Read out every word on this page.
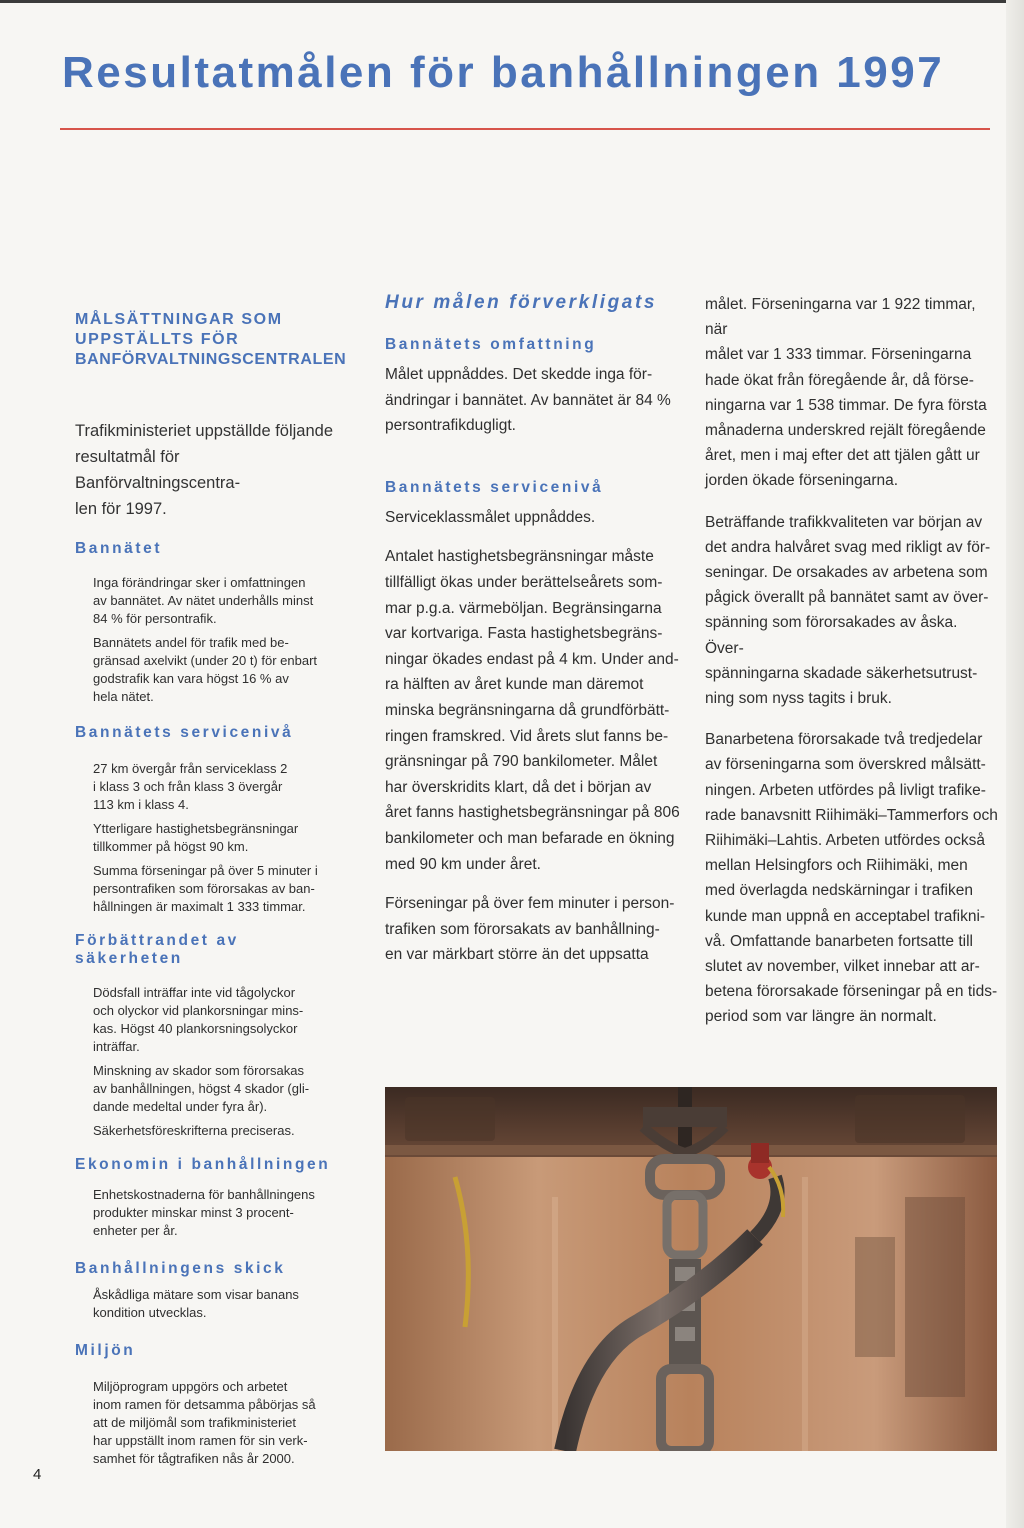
Resultatmålen för banhållningen 1997
MÅLSÄTTNINGAR SOM
UPPSTÄLLTS FÖR
BANFÖRVALTNINGSCENTRALEN

Trafikministeriet uppställde följande
resultatmål för Banförvaltningscentra-
len för 1997.

Bannätet

Inga förändringar sker i omfattningen
av bannätet. Av nätet underhålls minst
84 % för persontrafik.

Bannätets andel för trafik med be-
gränsad axelvikt (under 20 t) för enbart
godstrafik kan vara högst 16 % av
hela nätet.

Bannätets servicenivå

27 km övergår från serviceklass 2
i klass 3 och från klass 3 övergår
113 km i klass 4.

Ytterligare hastighetsbegränsningar
tillkommer på högst 90 km.

Summa förseningar på över 5 minuter i
persontrafiken som förorsakas av ban-
hållningen är maximalt 1 333 timmar.

Förbättrandet av säkerheten

Dödsfall inträffar inte vid tågolyckor
och olyckor vid plankorsningar mins-
kas. Högst 40 plankorsningsolyckor
inträffar.

Minskning av skador som förorsakas
av banhållningen, högst 4 skador (gli-
dande medeltal under fyra år).

Säkerhetsföreskrifterna preciseras.

Ekonomin i banhållningen

Enhetskostnaderna för banhållningens
produkter minskar minst 3 procent-
enheter per år.

Banhållningens skick

Åskådliga mätare som visar banans
kondition utvecklas.

Miljön

Miljöprogram uppgörs och arbetet
inom ramen för detsamma påbörjas så
att de miljömål som trafikministeriet
har uppställt inom ramen för sin verk-
samhet för tågtrafiken nås år 2000.

Hur målen förverkligats
Bannätets omfattning

Målet uppnåddes. Det skedde inga för-
ändringar i bannätet. Av bannätet är 84 %
persontrafikdugligt.

Bannätets servicenivå

Serviceklassmålet uppnåddes.

Antalet hastighetsbegränsningar måste
tillfälligt ökas under berättelseårets som-
mar p.g.a. värmeböljan. Begränsingarna
var kortvariga. Fasta hastighetsbegräns-
ningar ökades endast på 4 km. Under and-
ra hälften av året kunde man däremot
minska begränsningarna då grundförbätt-
ringen framskred. Vid årets slut fanns be-
gränsningar på 790 bankilometer. Målet
har överskridits klart, då det i början av
året fanns hastighetsbegränsningar på 806
bankilometer och man befarade en ökning
med 90 km under året.

Förseningar på över fem minuter i person-
trafiken som förorsakats av banhållning-
en var märkbart större än det uppsatta

målet. Förseningarna var 1 922 timmar, när
målet var 1 333 timmar. Förseningarna
hade ökat från föregående år, då förse-
ningarna var 1 538 timmar. De fyra första
månaderna underskred rejält föregående
året, men i maj efter det att tjälen gått ur
jorden ökade förseningarna.

Beträffande trafikkvaliteten var början av
det andra halvåret svag med rikligt av för-
seningar. De orsakades av arbetena som
pågick överallt på bannätet samt av över-
spänning som förorsakades av åska. Över-
spänningarna skadade säkerhetsutrust-
ning som nyss tagits i bruk.

Banarbetena förorsakade två tredjedelar
av förseningarna som överskred målsätt-
ningen. Arbeten utfördes på livligt trafike-
rade banavsnitt Riihimäki–Tammerfors och
Riihimäki–Lahtis. Arbeten utfördes också
mellan Helsingfors och Riihimäki, men
med överlagda nedskärningar i trafiken
kunde man uppnå en acceptabel trafikni-
vå. Omfattande banarbeten fortsatte till
slutet av november, vilket innebar att ar-
betena förorsakade förseningar på en tids-
period som var längre än normalt.

4
